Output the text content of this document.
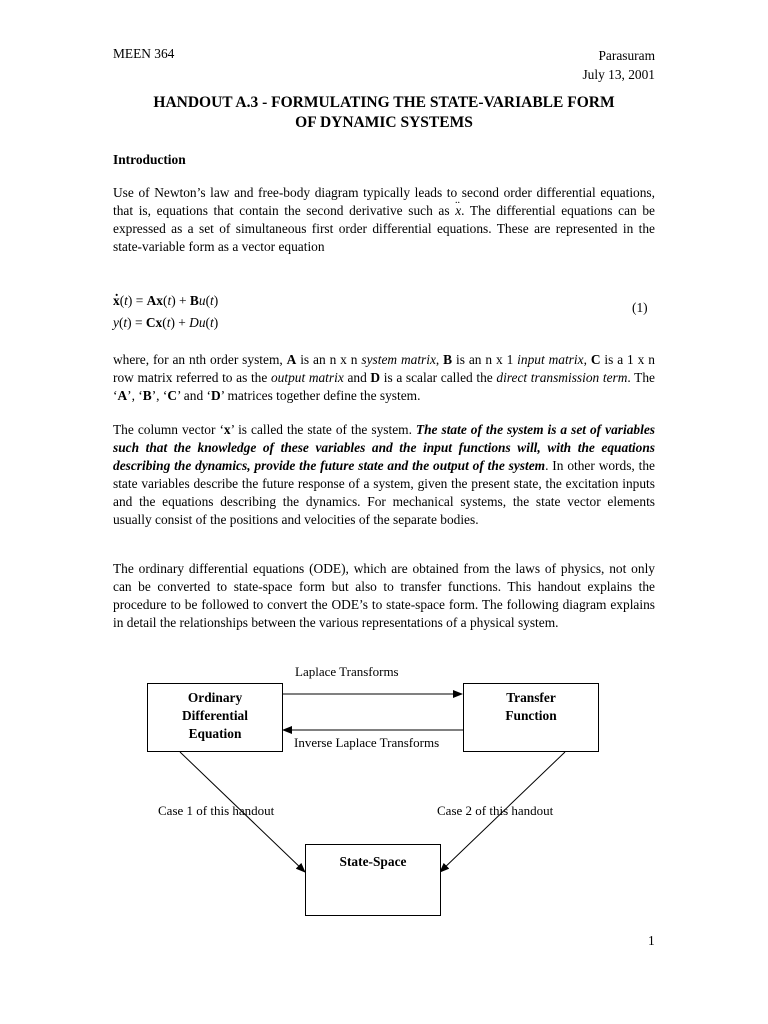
MEEN 364	Parasuram
July 13, 2001
HANDOUT A.3 - FORMULATING THE STATE-VARIABLE FORM
OF DYNAMIC SYSTEMS
Introduction

Use of Newton’s law and free-body diagram typically leads to second order differential equations, that is, equations that contain the second derivative such as .. x. The differential equations can be expressed as a set of simultaneous first order differential equations. These are represented in the state-variable form as a vector equation

. x(t) = Ax(t) + Bu(t)
y(t) = Cx(t) + Du(t)
(1)

where, for an nth order system, A is an n x n system matrix, B is an n x 1 input matrix, C is a 1 x n row matrix referred to as the output matrix and D is a scalar called the direct transmission term. The ‘A’, ‘B’, ‘C’ and ‘D’ matrices together define the system.

The column vector ‘x’ is called the state of the system. The state of the system is a set of variables such that the knowledge of these variables and the input functions will, with the equations describing the dynamics, provide the future state and the output of the system. In other words, the state variables describe the future response of a system, given the present state, the excitation inputs and the equations describing the dynamics. For mechanical systems, the state vector elements usually consist of the positions and velocities of the separate bodies.

The ordinary differential equations (ODE), which are obtained from the laws of physics, not only can be converted to state-space form but also to transfer functions. This handout explains the procedure to be followed to convert the ODE’s to state-space form. The following diagram explains in detail the relationships between the various representations of a physical system.
Ordinary
Differential
Equation
Transfer
Function
State-Space
Laplace Transforms
Inverse Laplace Transforms
Case 1 of this handout	Case 2 of this handout
1
